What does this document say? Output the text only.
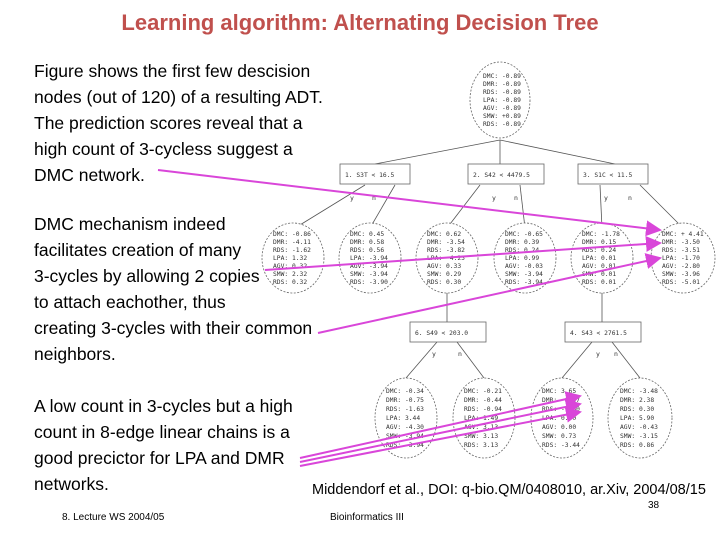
Learning algorithm: Alternating Decision Tree
Figure shows the first few descision
nodes (out of 120) of a resulting ADT.
The prediction scores reveal that a
high count of 3-cycless suggest a
DMC network.
DMC mechanism indeed
facilitates creation of many
3-cycles by allowing 2 copies
to attach eachother, thus
creating 3-cycles with their common
neighbors.
A low count in 3-cycles but a high
count in 8-edge linear chains is a
good precictor for LPA and DMR
networks.
y	n	y	n	y	n
y	n	y n
DMC: -0.89
DMR: -0.89
RDS: -0.89
LPA: -0.89
AGV: -0.89
SMW: +0.89
RDS: -0.89
1. S3T < 16.5	2. S42 < 4479.5	3. S1C < 11.5
6. S49 < 203.0	4. S43 < 2761.5
DMC: -0.86
DMR: -4.11
RDS: -1.62
LPA: 1.32
AGV: 0.32
SMW: 2.32
RDS: 0.32
DMC: 0.45
DMR: 0.58
RDS: 0.56
LPA: -3.94
AGV: -3.94
SMW: -3.94
RDS: -3.90
DMC: 0.62
DMR: -3.54
RDS: -3.82
LPA: -4.25
AGV: 0.33
SMW: 0.29
RDS: 0.30
DMC: -0.65
DMR: 0.39
RDS: 0.24
LPA: 0.99
AGV: -0.03
SMW: -3.94
RDS: -3.94
DMC: -1.78
DMR: 0.15
RDS: 0.24
LPA: 0.01
AGV: 0.01
SMW: 0.01
RDS: 0.01
DMC: + 4.41
DMR: -3.50
RDS: -3.51
LPA: -1.70
AGV: -2.80
SMW: -3.96
RDS: -5.01
DMC: -0.34
DMR: -0.75
RDS: -1.63
LPA: 3.44
AGV: -4.30
SMW: -3.94
RDS: -3.94
DMC: -0.21
DMR: -0.44
RDS: -0.94
LPA: 1.49
AGV: 3.13
SMW: 3.13
RDS: 3.13
DMC: 3.65
DMR: -0.57
RDS: -1.60
LPA: 0.00
AGV: 0.00
SMW: 0.73
RDS: -3.44
DMC: -3.48
DMR: 2.38
RDS: 0.30
LPA: 5.90
AGV: -0.43
SMW: -3.15
RDS: 0.86
Middendorf et al., DOI: q-bio.QM/0408010, ar.Xiv, 2004/08/15
8. Lecture WS 2004/05	Bioinformatics III
38
